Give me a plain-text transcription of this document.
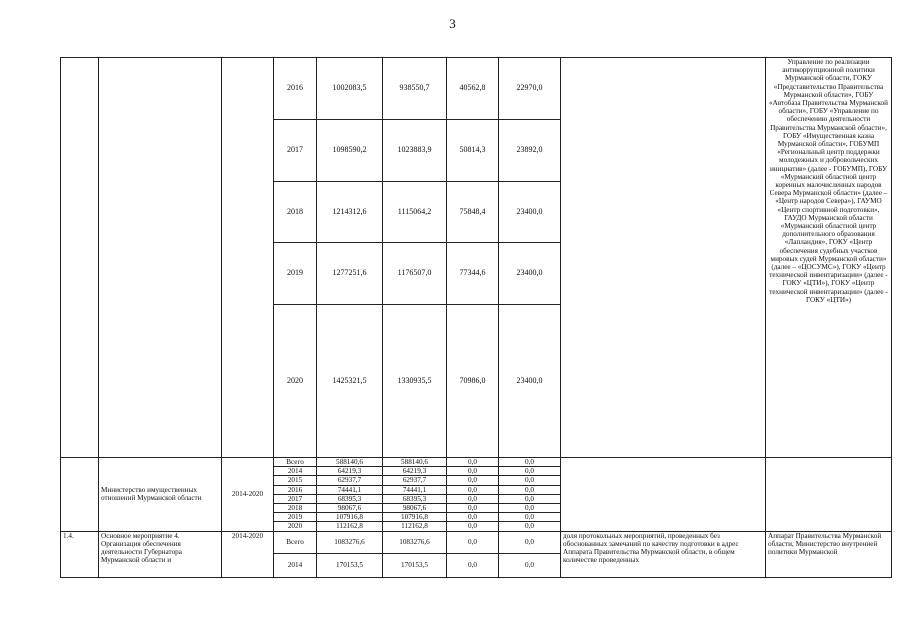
3
			2016	1002083,5	938550,7	40562,8	22970,0		Управление по реализации антикоррупционной политики Мурманской области, ГОКУ «Представительство Правительства Мурманской области», ГОБУ «Автобаза Правительства Мурманской области», ГОБУ «Управление по обеспечению деятельности Правительства Мурманской области», ГОБУ «Имущественная казна Мурманской области», ГОБУМП «Региональный центр поддержки молодежных и добровольческих инициатив» (далее - ГОБУМП), ГОБУ «Мурманский областной центр коренных малочисленных народов Севера Мурманской области» (далее – «Центр народов Севера»), ГАУМО «Центр спортивной подготовки», ГАУДО Мурманской области «Мурманский областной центр дополнительного образования «Лапландия», ГОКУ «Центр обеспечения судебных участков мировых судей Мурманской области» (далее – «ЦОСУМС»), ГОКУ «Центр технической инвентаризации» (далее - ГОКУ «ЦТИ»), ГОКУ «Центр технической инвентаризации» (далее - ГОКУ «ЦТИ»)
			2017	1098590,2	1023883,9	50814,3	23892,0		
			2018	1214312,6	1115064,2	75848,4	23400,0		
			2019	1277251,6	1176507,0	77344,6	23400,0		
			2020	1425321,5	1330935,5	70986,0	23400,0		
	Министерство имущественных отношений Мурманской области	2014-2020	Всего	588140,6	588140,6	0,0	0,0		
			2014	64219,3	64219,3	0,0	0,0		
			2015	62937,7	62937,7	0,0	0,0		
			2016	74441,1	74441,1	0,0	0,0		
			2017	68395,3	68395,3	0,0	0,0		
			2018	98067,6	98067,6	0,0	0,0		
			2019	107916,8	107916,8	0,0	0,0		
			2020	112162,8	112162,8	0,0	0,0		
1.4.	Основное мероприятие 4. Организация обеспечения деятельности Губернатора Мурманской области и	2014-2020	Всего	1083276,6	1083276,6	0,0	0,0	доля протокольных мероприятий, проведенных без обоснованных замечаний по качеству подготовки в адрес Аппарата Правительства Мурманской области, в общем количестве проведенных	Аппарат Правительства Мурманской области, Министерство внутренней политики Мурманской
			2014	170153,5	170153,5	0,0	0,0		
